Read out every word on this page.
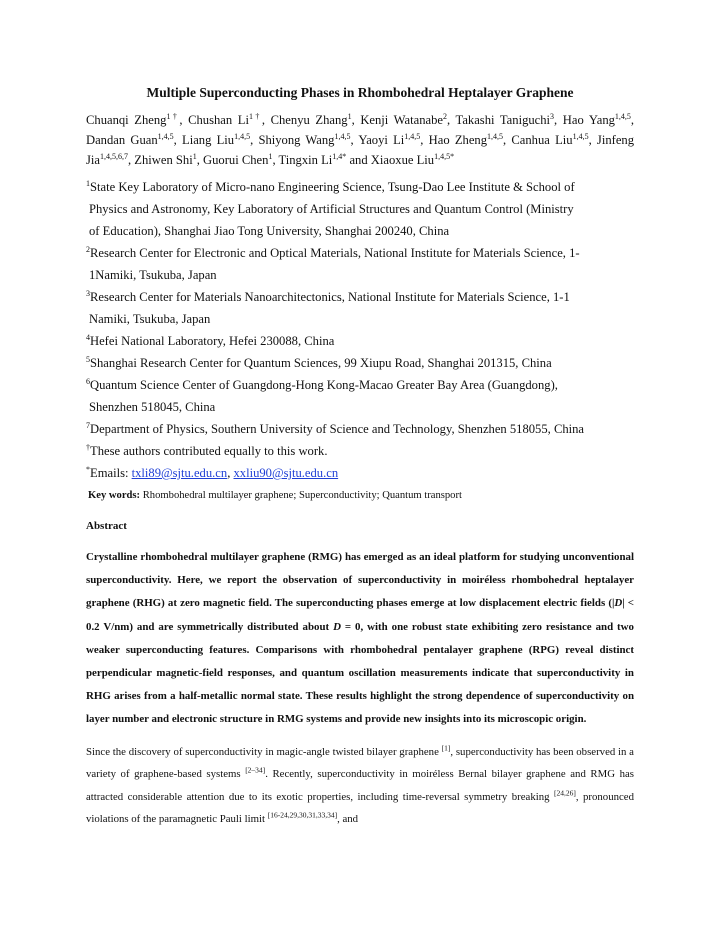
Multiple Superconducting Phases in Rhombohedral Heptalayer Graphene

Chuanqi Zheng$^{1\dagger}$, Chushan $Li^{1\dagger}$, Chenyu Zhang$^1$, Kenji Watanabe$^2$, Takashi Taniguchi$^3$, Hao Yang$^{1,4,5}$, Dandan Guan$^{1,4,5}$, Liang Liu$^{1,4,5}$, Shiyong Wang$^{1,4,5}$, Yaoyi Li$^{1,4,5}$, Hao Zheng$^{1,4,5}$, Canhua Liu$^{1,4,5}$, Jinfeng Jia$^{1,4,5,6,7}$, Zhiwen Shi$^1$, Guorui Chen$^1$, Tingxin $Li^{1,4*}$ and Xiaoxue Liu$^{1,4,5*}$

$^1$State Key Laboratory of Micro-nano Engineering Science, Tsung-Dao Lee Institute & School of
Physics and Astronomy, Key Laboratory of Artificial Structures and Quantum Control (Ministry
of Education), Shanghai Jiao Tong University, Shanghai 200240, China
$^2$Research Center for Electronic and Optical Materials, National Institute for Materials Science, 1-
1Namiki, Tsukuba, Japan
$^3$Research Center for Materials Nanoarchitectonics, National Institute for Materials Science, 1-1
Namiki, Tsukuba, Japan
$^4$Hefei National Laboratory, Hefei 230088, China
$^5$Shanghai Research Center for Quantum Sciences, 99 Xiupu Road, Shanghai 201315, China
$^6$Quantum Science Center of Guangdong-Hong Kong-Macao Greater Bay Area (Guangdong),
Shenzhen 518045, China
$^7$Department of Physics, Southern University of Science and Technology, Shenzhen 518055, China
†These authors contributed equally to this work.
*Emails: txli89@sjtu.edu.cn, xxliu90@sjtu.edu.cn
Key words: Rhombohedral multilayer graphene; Superconductivity; Quantum transport
Abstract

Crystalline rhombohedral multilayer graphene (RMG) has emerged as an ideal platform for studying unconventional superconductivity. Here, we report the observation of superconductivity in moiréless rhombohedral heptalayer graphene (RHG) at zero magnetic field. The superconducting phases emerge at low displacement electric fields (|D| < 0.2 V/nm) and are symmetrically distributed about D = 0, with one robust state exhibiting zero resistance and two weaker superconducting features. Comparisons with rhombohedral pentalayer graphene (RPG) reveal distinct perpendicular magnetic-field responses, and quantum oscillation measurements indicate that superconductivity in RHG arises from a half-metallic normal state. These results highlight the strong dependence of superconductivity on layer number and electronic structure in RMG systems and provide new insights into its microscopic origin.

Since the discovery of superconductivity in magic-angle twisted bilayer graphene [1], superconductivity has been observed in a variety of graphene-based systems [2–34]. Recently, superconductivity in moiréless Bernal bilayer graphene and RMG has attracted considerable attention due to its exotic properties, including time-reversal symmetry breaking [24,26], pronounced violations of the paramagnetic Pauli limit [16-24,29,30,31,33,34], and
